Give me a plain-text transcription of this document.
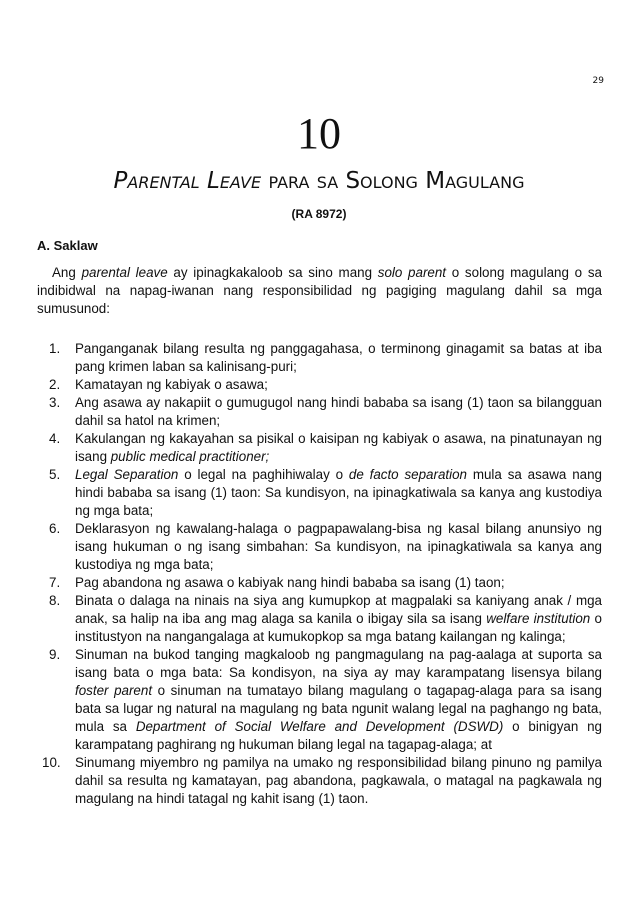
29
10
Parental Leave para sa Solong Magulang
(RA 8972)
A. Saklaw

Ang parental leave ay ipinagkakaloob sa sino mang solo parent o solong magulang o sa indibidwal na napag-iwanan nang responsibilidad ng pagiging magulang dahil sa mga sumusunod:

1. Panganganak bilang resulta ng panggagahasa, o terminong ginagamit sa batas at iba pang krimen laban sa kalinisang-puri;
2. Kamatayan ng kabiyak o asawa;
3. Ang asawa ay nakapiit o gumugugol nang hindi bababa sa isang (1) taon sa bilangguan dahil sa hatol na krimen;
4. Kakulangan ng kakayahan sa pisikal o kaisipan ng kabiyak o asawa, na pinatunayan ng isang public medical practitioner;
5. Legal Separation o legal na paghihiwalay o de facto separation mula sa asawa nang hindi bababa sa isang (1) taon: Sa kundisyon, na ipinagkatiwala sa kanya ang kustodiya ng mga bata;
6. Deklarasyon ng kawalang-halaga o pagpapawalang-bisa ng kasal bilang anunsiyo ng isang hukuman o ng isang simbahan: Sa kundisyon, na ipinagkatiwala sa kanya ang kustodiya ng mga bata;
7. Pag abandona ng asawa o kabiyak nang hindi bababa sa isang (1) taon;
8. Binata o dalaga na ninais na siya ang kumupkop at magpalaki sa kaniyang anak / mga anak, sa halip na iba ang mag alaga sa kanila o ibigay sila sa isang welfare institution o institustyon na nangangalaga at kumukopkop sa mga batang kailangan ng kalinga;
9. Sinuman na bukod tanging magkaloob ng pangmagulang na pag-aalaga at suporta sa isang bata o mga bata: Sa kondisyon, na siya ay may karampatang lisensya bilang foster parent o sinuman na tumatayo bilang magulang o tagapag-alaga para sa isang bata sa lugar ng natural na magulang ng bata ngunit walang legal na paghango ng bata, mula sa Department of Social Welfare and Development (DSWD) o binigyan ng karampatang paghirang ng hukuman bilang legal na tagapag-alaga; at
10. Sinumang miyembro ng pamilya na umako ng responsibilidad bilang pinuno ng pamilya dahil sa resulta ng kamatayan, pag abandona, pagkawala, o matagal na pagkawala ng magulang na hindi tatagal ng kahit isang (1) taon.
